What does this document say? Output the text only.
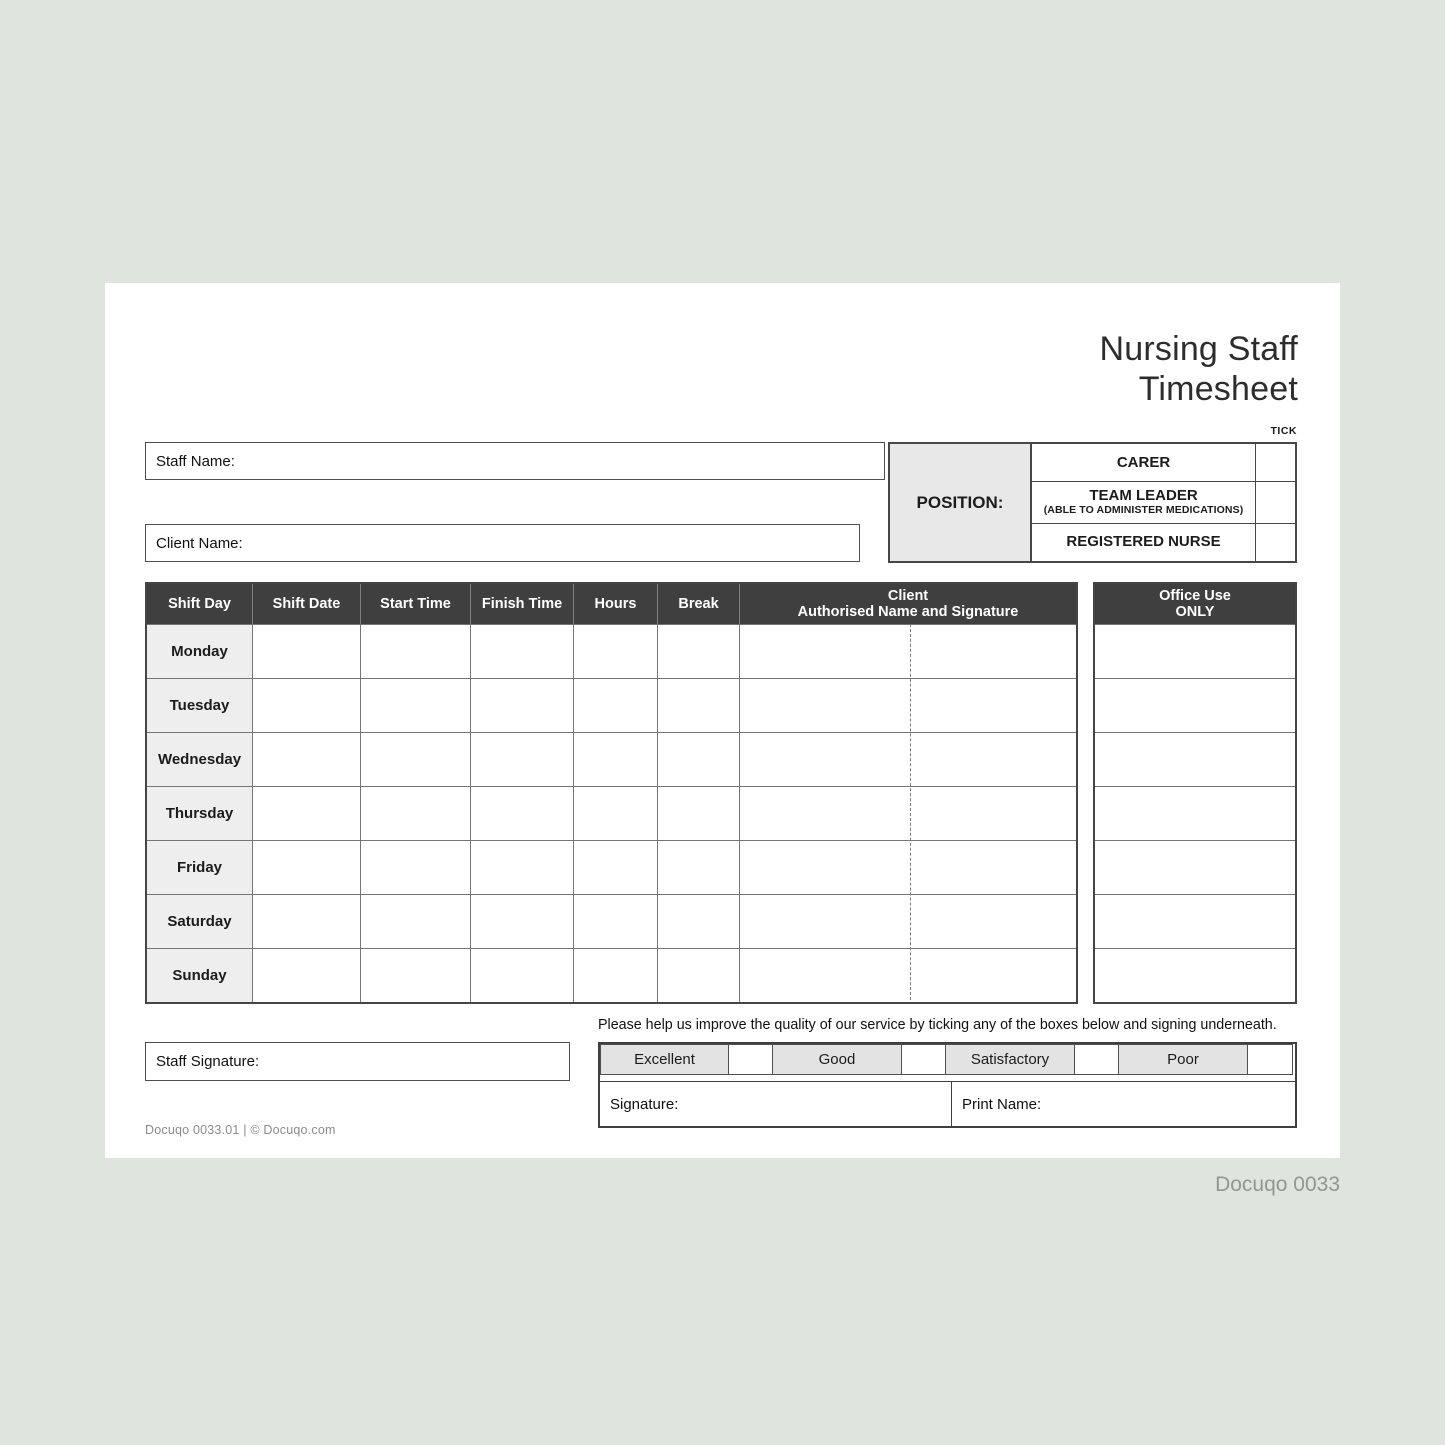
Nursing Staff
Timesheet
TICK
Staff Name:
POSITION:
CARER
TEAM LEADER
(ABLE TO ADMINISTER MEDICATIONS)
REGISTERED NURSE
Client Name:
Shift Day	Shift Date	Start Time	Finish Time	Hours	Break	Client
Authorised Name and Signature
Monday
Tuesday
Wednesday
Thursday
Friday
Saturday
Sunday
Office Use
ONLY
Please help us improve the quality of our service by ticking any of the boxes below and signing underneath.
Excellent	Good	Satisfactory	Poor
Signature:	Print Name:
Staff Signature:
Docuqo 0033.01 | © Docuqo.com
Docuqo 0033
